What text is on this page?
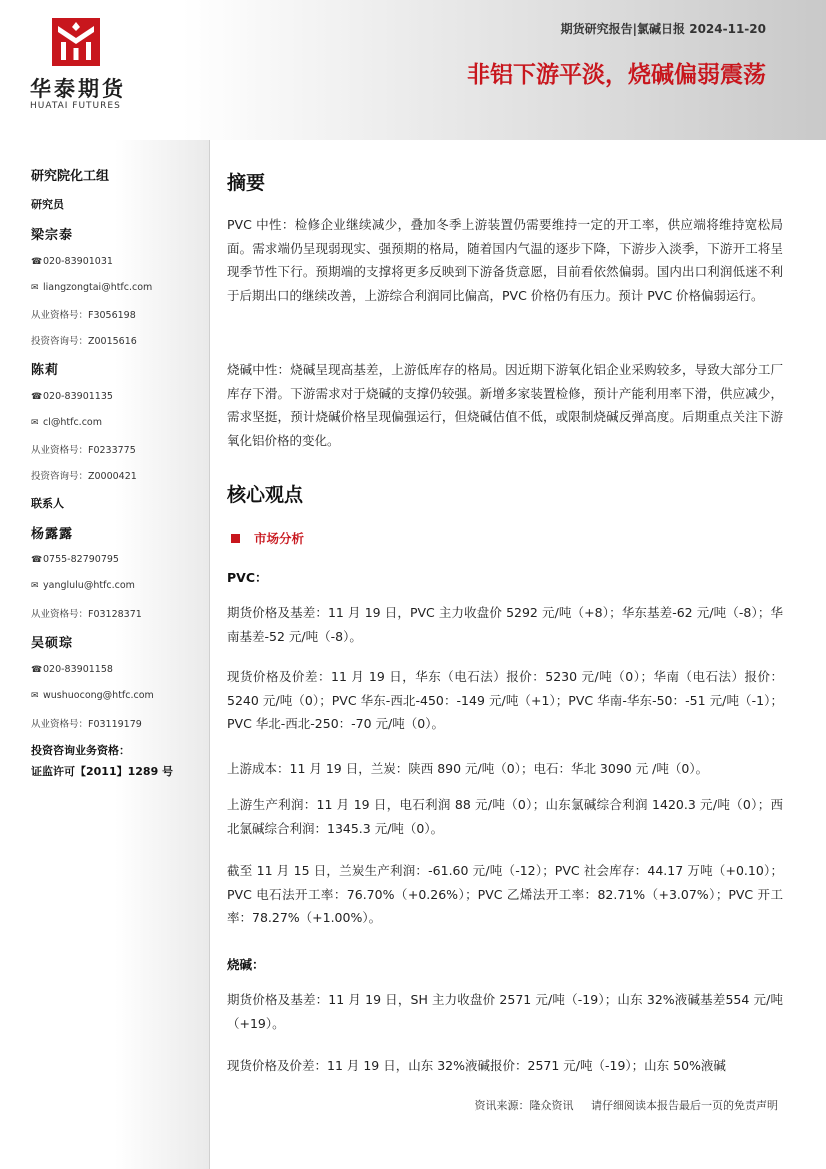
华泰期货
HUATAI FUTURES
期货研究报告|氯碱日报 2024-11-20
非铝下游平淡，烧碱偏弱震荡
研究院化工组
研究员
梁宗泰
☎020-83901031
✉ liangzongtai@htfc.com
从业资格号：F3056198
投资咨询号：Z0015616
陈莉
☎020-83901135
✉ cl@htfc.com
从业资格号：F0233775
投资咨询号：Z0000421
联系人
杨露露
☎0755-82790795
✉ yanglulu@htfc.com
从业资格号：F03128371
吴硕琮
☎020-83901158
✉ wushuocong@htfc.com
从业资格号：F03119179
投资咨询业务资格：
证监许可【2011】1289 号
摘要
PVC 中性：检修企业继续减少，叠加冬季上游装置仍需要维持一定的开工率，供应端将维持宽松局面。需求端仍呈现弱现实、强预期的格局，随着国内气温的逐步下降，下游步入淡季，下游开工将呈现季节性下行。预期端的支撑将更多反映到下游备货意愿，目前看依然偏弱。国内出口利润低迷不利于后期出口的继续改善，上游综合利润同比偏高，PVC 价格仍有压力。预计 PVC 价格偏弱运行。
烧碱中性：烧碱呈现高基差，上游低库存的格局。因近期下游氧化铝企业采购较多，导致大部分工厂库存下滑。下游需求对于烧碱的支撑仍较强。新增多家装置检修，预计产能利用率下滑，供应减少，需求坚挺，预计烧碱价格呈现偏强运行，但烧碱估值不低，或限制烧碱反弹高度。后期重点关注下游氧化铝价格的变化。
核心观点
市场分析
PVC：
期货价格及基差：11 月 19 日，PVC 主力收盘价 5292 元/吨（+8）；华东基差-62 元/吨（-8）；华南基差-52 元/吨（-8）。
现货价格及价差：11 月 19 日，华东（电石法）报价：5230 元/吨（0）；华南（电石法）报价：5240 元/吨（0）；PVC 华东-西北-450：-149 元/吨（+1）；PVC 华南-华东-50：-51 元/吨（-1）；PVC 华北-西北-250：-70 元/吨（0）。
上游成本：11 月 19 日，兰炭：陕西 890 元/吨（0）；电石：华北 3090 元 /吨（0）。
上游生产利润：11 月 19 日，电石利润 88 元/吨（0）；山东氯碱综合利润 1420.3 元/吨（0）；西北氯碱综合利润：1345.3 元/吨（0）。
截至 11 月 15 日，兰炭生产利润：-61.60 元/吨（-12）；PVC 社会库存：44.17 万吨（+0.10）；PVC 电石法开工率：76.70%（+0.26%）；PVC 乙烯法开工率：82.71%（+3.07%）；PVC 开工率：78.27%（+1.00%）。
烧碱：
期货价格及基差：11 月 19 日，SH 主力收盘价 2571 元/吨（-19）；山东 32%液碱基差554 元/吨（+19）。
现货价格及价差：11 月 19 日，山东 32%液碱报价：2571 元/吨（-19）；山东 50%液碱
资讯来源：隆众资讯 请仔细阅读本报告最后一页的免责声明
